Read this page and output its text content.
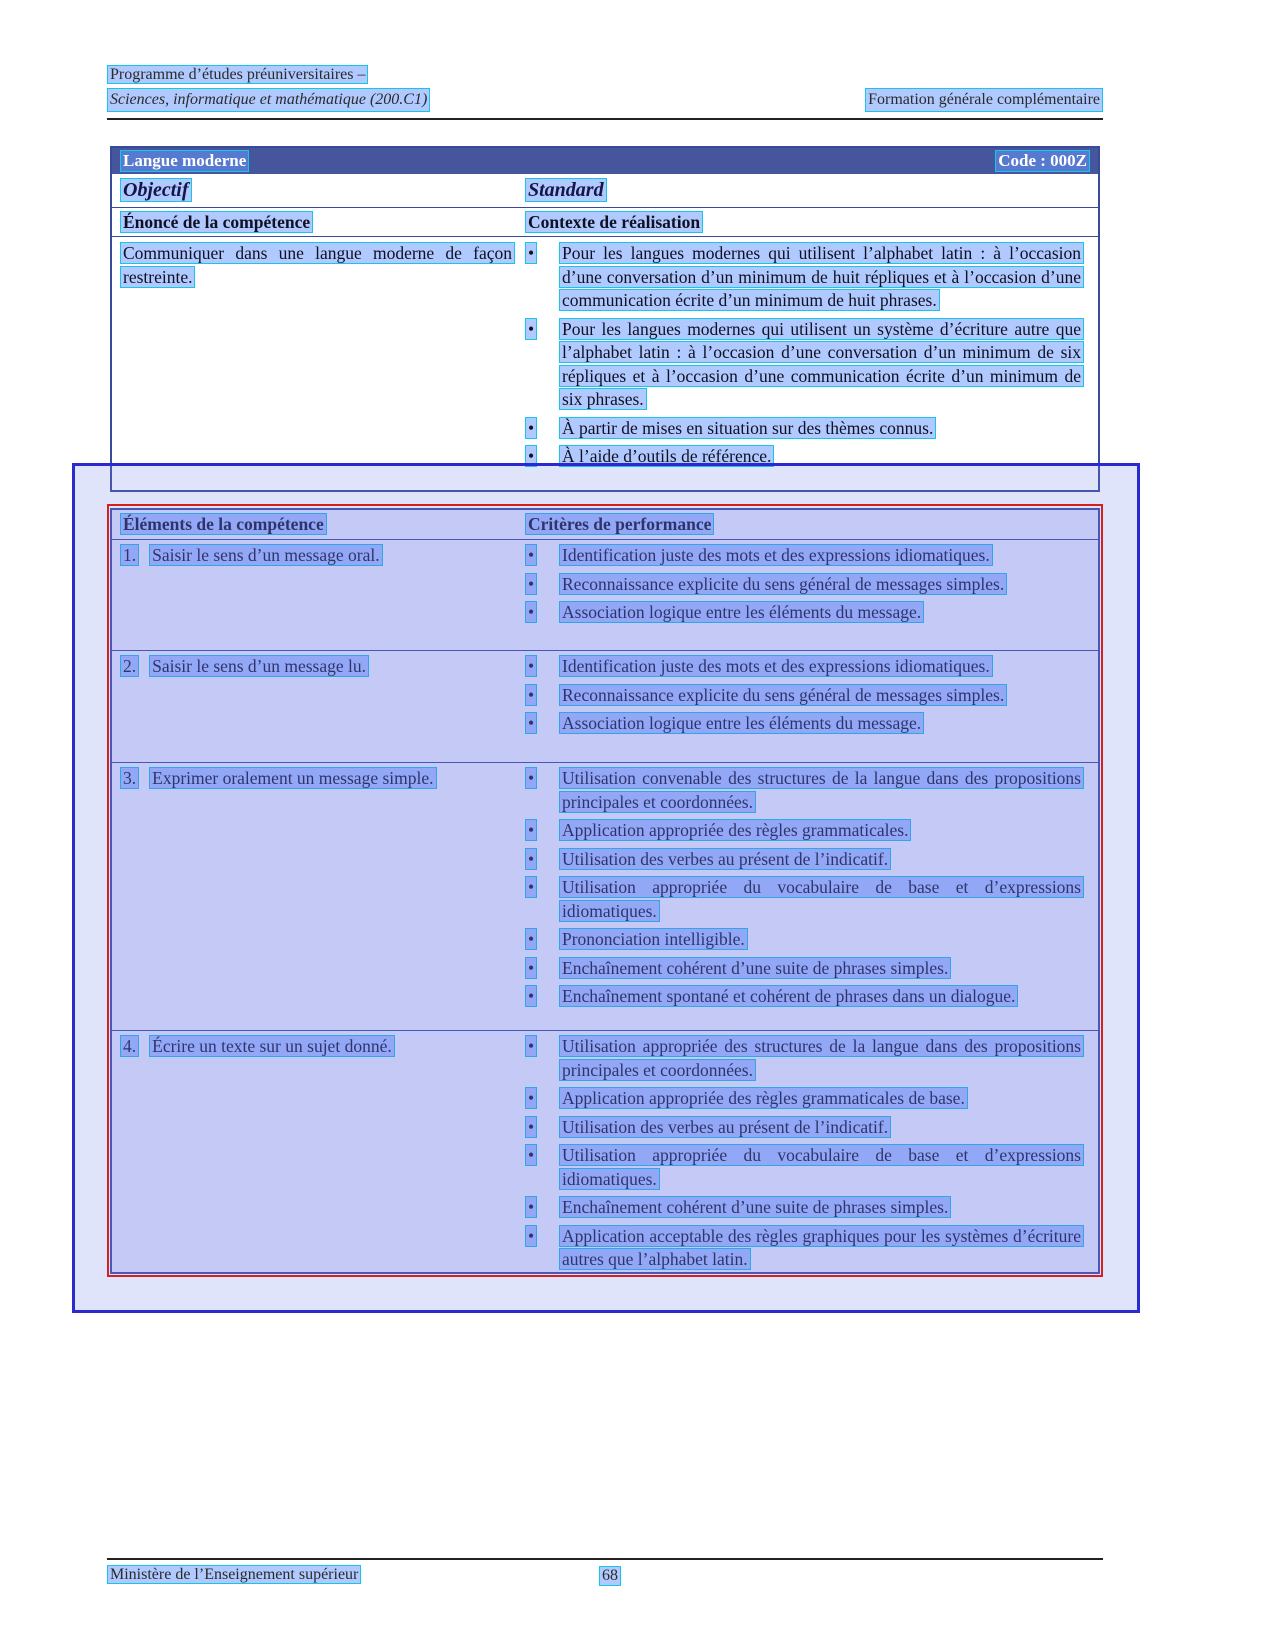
Programme d’études préuniversitaires –
Sciences, informatique et mathématique (200.C1)	Formation générale complémentaire
Langue moderne	Code : 000Z
Objectif	Standard
Énoncé de la compétence	Contexte de réalisation
Communiquer dans une langue moderne de façon restreinte.
•	Pour les langues modernes qui utilisent l’alphabet latin : à l’occasion d’une conversation d’un minimum de huit répliques et à l’occasion d’une communication écrite d’un minimum de huit phrases.
•	Pour les langues modernes qui utilisent un système d’écriture autre que l’alphabet latin : à l’occasion d’une conversation d’un minimum de six répliques et à l’occasion d’une communication écrite d’un minimum de six phrases.
•	À partir de mises en situation sur des thèmes connus.
•	À l’aide d’outils de référence.
Éléments de la compétence	Critères de performance
1. Saisir le sens d’un message oral.	•	Identification juste des mots et des expressions idiomatiques.
•	Reconnaissance explicite du sens général de messages simples.
•	Association logique entre les éléments du message.
2. Saisir le sens d’un message lu.	•	Identification juste des mots et des expressions idiomatiques.
•	Reconnaissance explicite du sens général de messages simples.
•	Association logique entre les éléments du message.
3. Exprimer oralement un message simple.	•	Utilisation convenable des structures de la langue dans des propositions principales et coordonnées.
•	Application appropriée des règles grammaticales.
•	Utilisation des verbes au présent de l’indicatif.
•	Utilisation appropriée du vocabulaire de base et d’expressions idiomatiques.
•	Prononciation intelligible.
•	Enchaînement cohérent d’une suite de phrases simples.
•	Enchaînement spontané et cohérent de phrases dans un dialogue.
4. Écrire un texte sur un sujet donné.	•	Utilisation appropriée des structures de la langue dans des propositions principales et coordonnées.
•	Application appropriée des règles grammaticales de base.
•	Utilisation des verbes au présent de l’indicatif.
•	Utilisation appropriée du vocabulaire de base et d’expressions idiomatiques.
•	Enchaînement cohérent d’une suite de phrases simples.
•	Application acceptable des règles graphiques pour les systèmes d’écriture autres que l’alphabet latin.
Ministère de l’Enseignement supérieur	68
